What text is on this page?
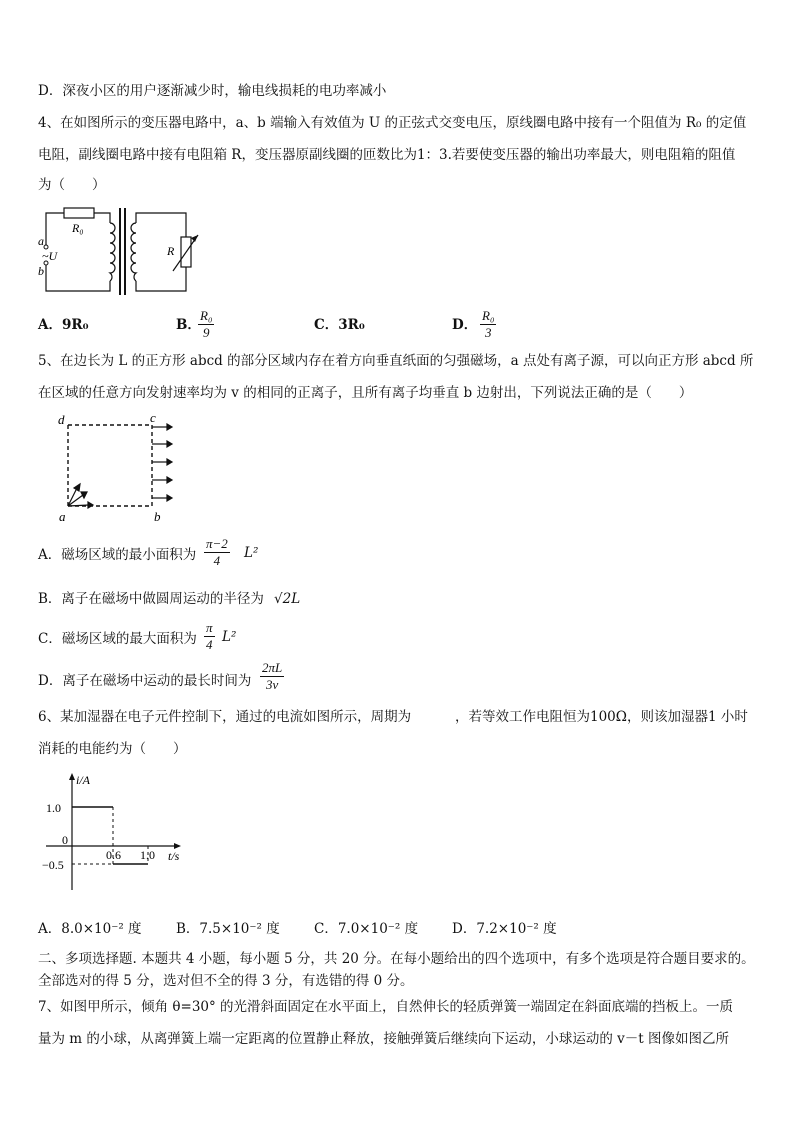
D．深夜小区的用户逐渐减少时，输电线损耗的电功率减小
4、在如图所示的变压器电路中，a、b 端输入有效值为 U 的正弦式交变电压，原线圈电路中接有一个阻值为 R₀ 的定值
电阻，副线圈电路中接有电阻箱 R，变压器原副线圈的匝数比为1：3.若要使变压器的输出功率最大，则电阻箱的阻值
为（　　）
R₀
a
b
~U	R
A．9R₀	B．
$\frac{\text{R₀}}{9}$	C．3R₀	D． $\frac{\text{R₀}}{3}$
5、在边长为 L 的正方形 abcd 的部分区域内存在着方向垂直纸面的匀强磁场，a 点处有离子源，可以向正方形 abcd 所
在区域的任意方向发射速率均为 v 的相同的正离子，且所有离子均垂直 b 边射出，下列说法正确的是（　　）
d	c
a	b
A．磁场区域的最小面积为 $\frac{\pi-2}{4} L^2$
B．离子在磁场中做圆周运动的半径为 √2L
C．磁场区域的最大面积为 $\frac{\pi}{4} L^2$
D．离子在磁场中运动的最长时间为 $\frac{2\pi L}{3v}$
6、某加湿器在电子元件控制下，通过的电流如图所示，周期为	，若等效工作电阻恒为100Ω，则该加湿器1 小时
消耗的电能约为（　　）
i/A
t/s
1.0
0
−0.5
0.6 1.0
A．8.0×10⁻² 度	B．7.5×10⁻² 度	C．7.0×10⁻² 度	D．7.2×10⁻² 度
二、多项选择题. 本题共 4 小题，每小题 5 分，共 20 分。在每小题给出的四个选项中，有多个选项是符合题目要求的。
全部选对的得 5 分，选对但不全的得 3 分，有选错的得 0 分。
7、如图甲所示，倾角 θ=30° 的光滑斜面固定在水平面上，自然伸长的轻质弹簧一端固定在斜面底端的挡板上。一质
量为 m 的小球，从离弹簧上端一定距离的位置静止释放，接触弹簧后继续向下运动，小球运动的 v－t 图像如图乙所
